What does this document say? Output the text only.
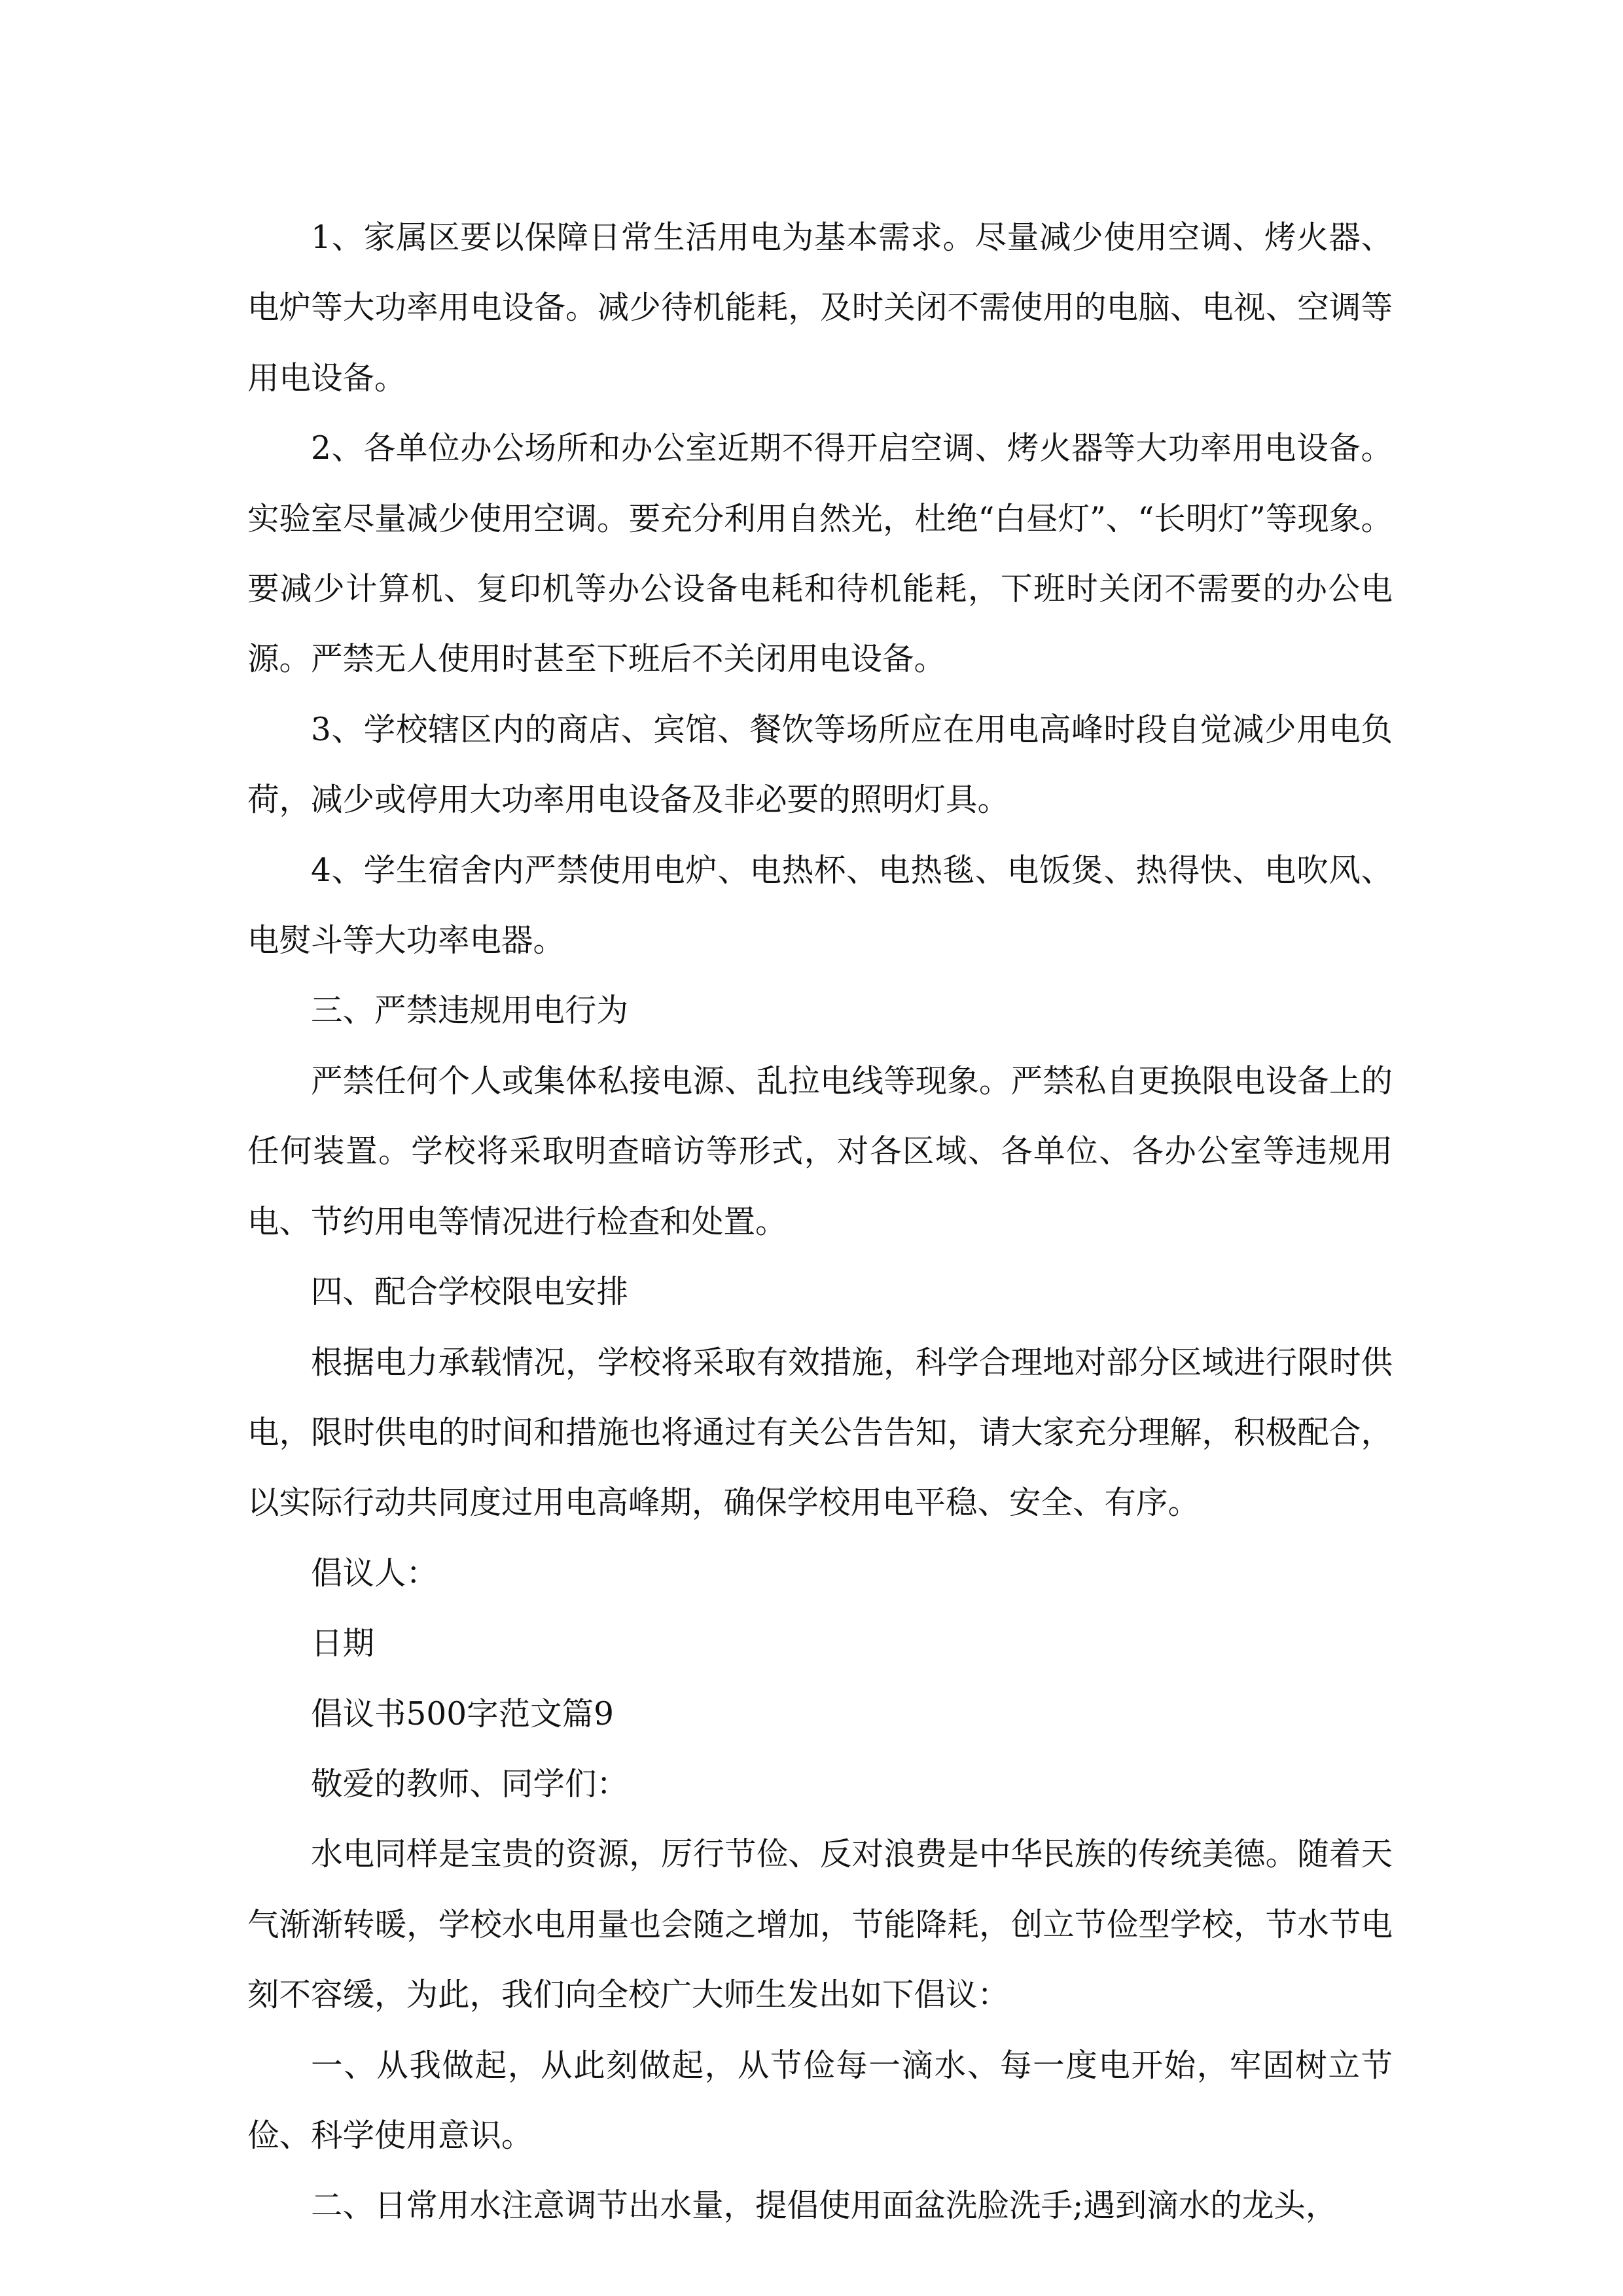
1、家属区要以保障日常生活用电为基本需求。尽量减少使用空调、烤火器、电炉等大功率用电设备。减少待机能耗，及时关闭不需使用的电脑、电视、空调等用电设备。

2、各单位办公场所和办公室近期不得开启空调、烤火器等大功率用电设备。实验室尽量减少使用空调。要充分利用自然光，杜绝“白昼灯”、“长明灯”等现象。要减少计算机、复印机等办公设备电耗和待机能耗，下班时关闭不需要的办公电源。严禁无人使用时甚至下班后不关闭用电设备。

3、学校辖区内的商店、宾馆、餐饮等场所应在用电高峰时段自觉减少用电负荷，减少或停用大功率用电设备及非必要的照明灯具。

4、学生宿舍内严禁使用电炉、电热杯、电热毯、电饭煲、热得快、电吹风、电熨斗等大功率电器。

三、严禁违规用电行为

严禁任何个人或集体私接电源、乱拉电线等现象。严禁私自更换限电设备上的任何装置。学校将采取明查暗访等形式，对各区域、各单位、各办公室等违规用电、节约用电等情况进行检查和处置。

四、配合学校限电安排

根据电力承载情况，学校将采取有效措施，科学合理地对部分区域进行限时供电，限时供电的时间和措施也将通过有关公告告知，请大家充分理解，积极配合，以实际行动共同度过用电高峰期，确保学校用电平稳、安全、有序。

倡议人：

日期

倡议书500字范文篇9

敬爱的教师、同学们：

水电同样是宝贵的资源，厉行节俭、反对浪费是中华民族的传统美德。随着天气渐渐转暖，学校水电用量也会随之增加，节能降耗，创立节俭型学校，节水节电刻不容缓，为此，我们向全校广大师生发出如下倡议：

一、从我做起，从此刻做起，从节俭每一滴水、每一度电开始，牢固树立节俭、科学使用意识。

二、日常用水注意调节出水量，提倡使用面盆洗脸洗手;遇到滴水的龙头，
